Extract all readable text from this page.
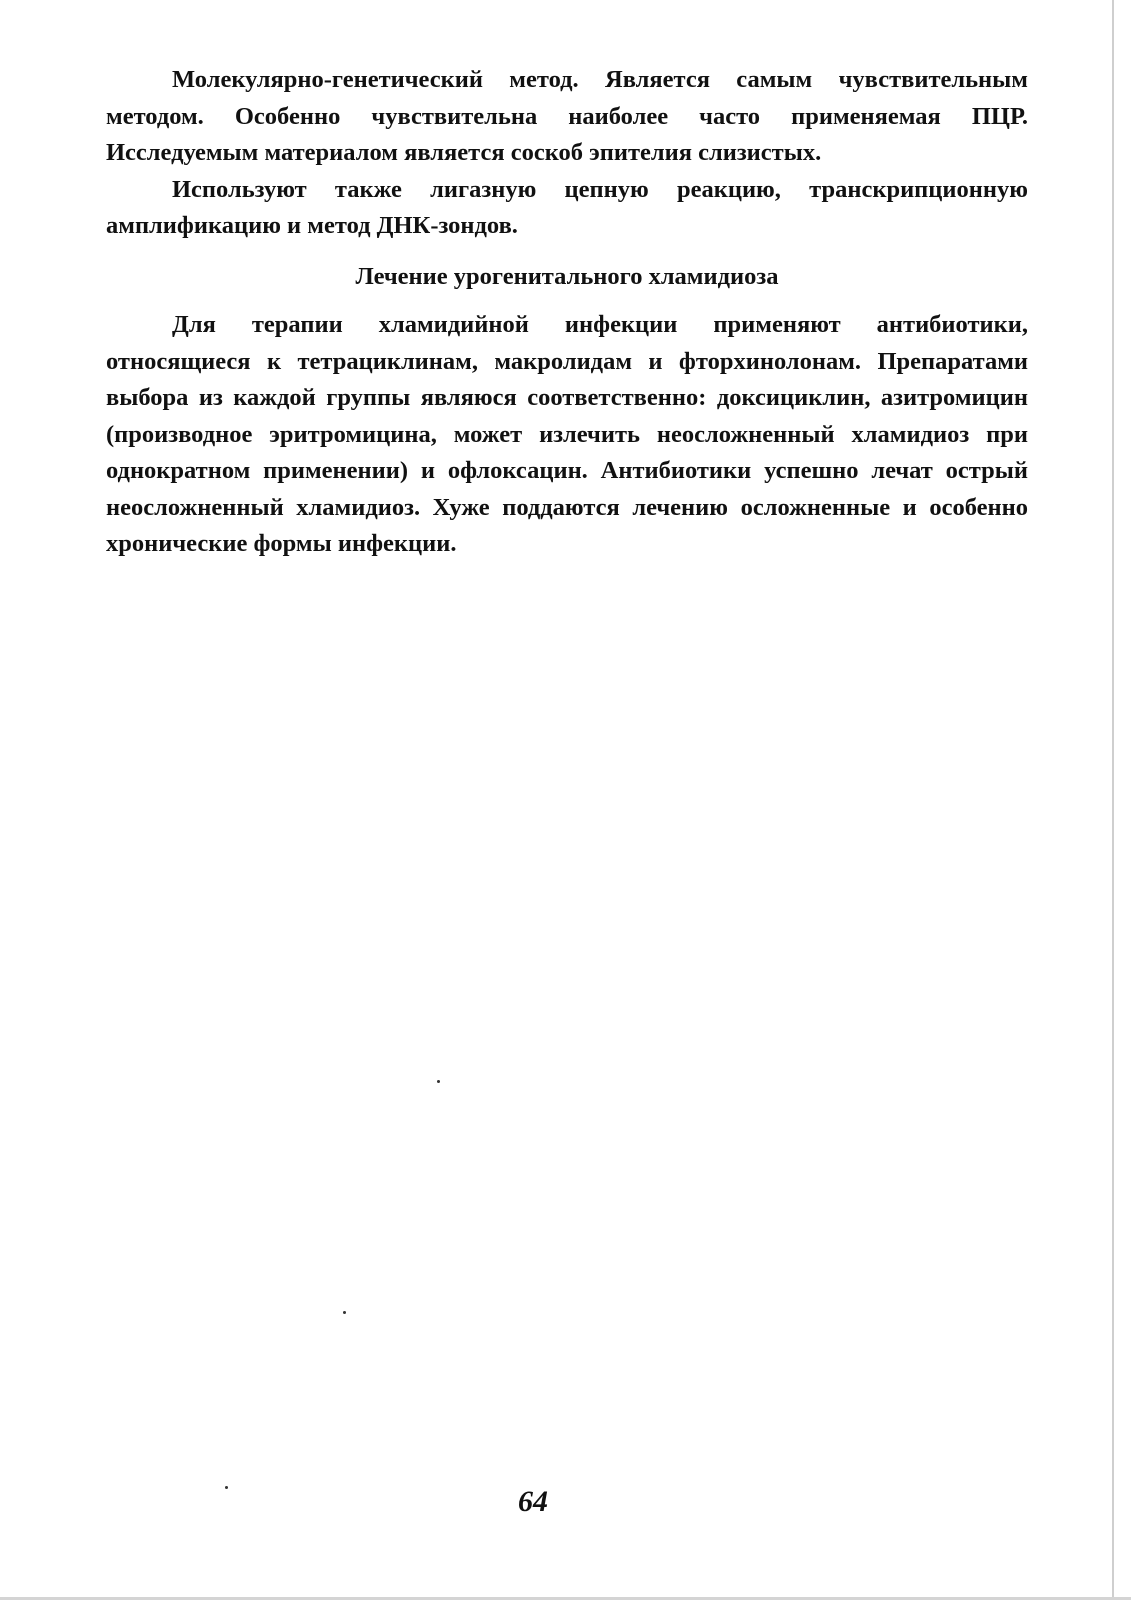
Молекулярно-генетический метод. Является самым чувствительным методом. Особенно чувствительна наиболее часто применяемая ПЦР. Исследуемым материалом является соскоб эпителия слизистых.

Используют также лигазную цепную реакцию, транскрипционную амплификацию и метод ДНК-зондов.

Лечение урогенитального хламидиоза

Для терапии хламидийной инфекции применяют антибиотики, относящиеся к тетрациклинам, макролидам и фторхинолонам. Препаратами выбора из каждой группы являюся соответственно: доксициклин, азитромицин (производное эритромицина, может излечить неосложненный хламидиоз при однократном применении) и офлоксацин. Антибиотики успешно лечат острый неосложненный хламидиоз. Хуже поддаются лечению осложненные и особенно хронические формы инфекции.

64
